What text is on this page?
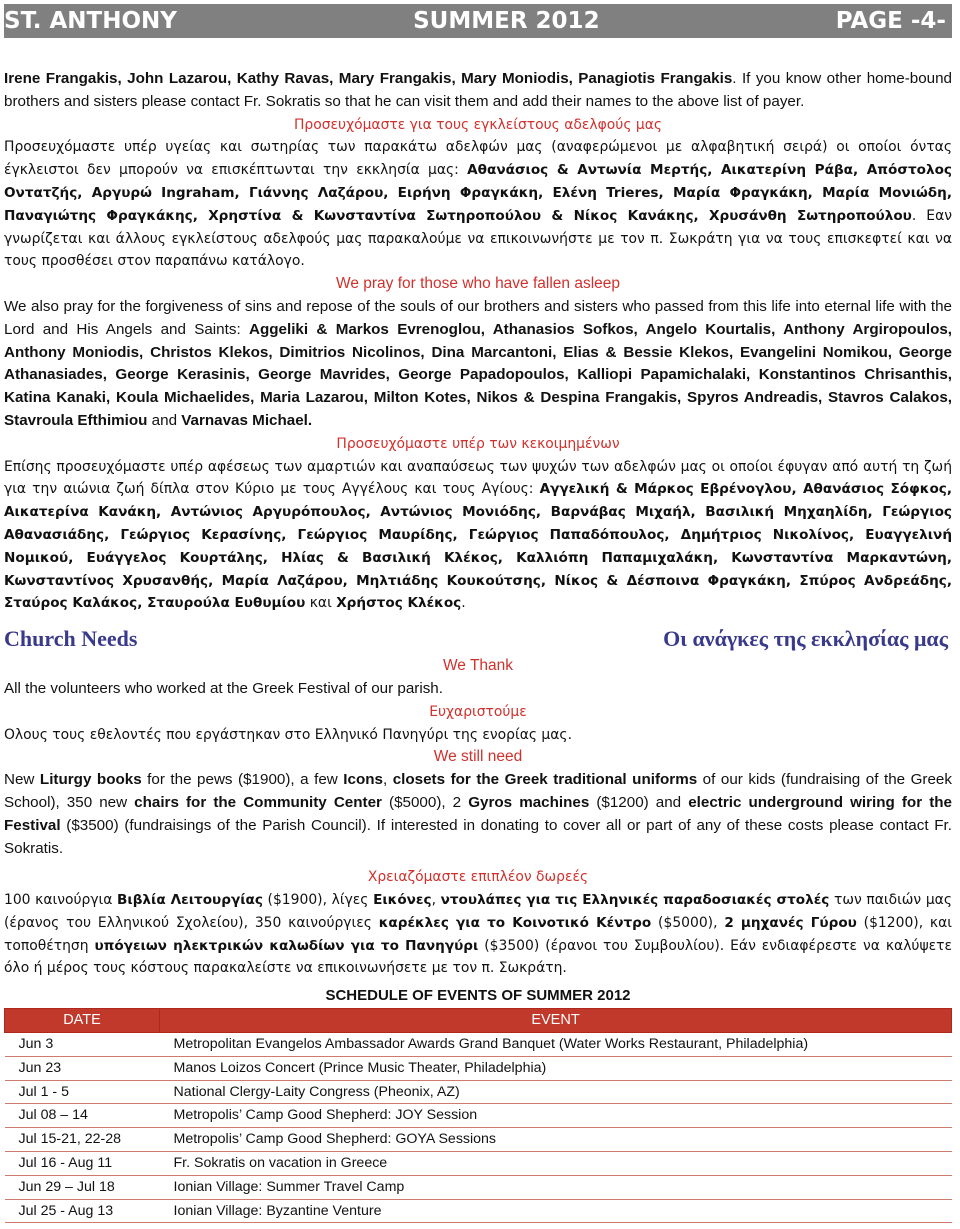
ST. ANTHONY	SUMMER 2012	PAGE -4-

Irene Frangakis, John Lazarou, Kathy Ravas, Mary Frangakis, Mary Moniodis, Panagiotis Frangakis. If you know other home-bound brothers and sisters please contact Fr. Sokratis so that he can visit them and add their names to the above list of payer.

Προσευχόμαστε για τους εγκλείστους αδελφούς μας

Προσευχόμαστε υπέρ υγείας και σωτηρίας των παρακάτω αδελφών μας (αναφερώμενοι με αλφαβητική σειρά) οι οποίοι όντας έγκλειστοι δεν μπορούν να επισκέπτωνται την εκκλησία μας: Αθανάσιος & Αντωνία Μερτής, Αικατερίνη Ράβα, Απόστολος Οντατζής, Αργυρώ Ingraham, Γιάννης Λαζάρου, Ειρήνη Φραγκάκη, Ελένη Trieres, Μαρία Φραγκάκη, Μαρία Μονιώδη, Παναγιώτης Φραγκάκης, Χρηστίνα & Κωνσταντίνα Σωτηροπούλου & Νίκος Κανάκης, Χρυσάνθη Σωτηροπούλου. Εαν γνωρίζεται και άλλους εγκλείστους αδελφούς μας παρακαλούμε να επικοινωνήστε με τον π. Σωκράτη για να τους επισκεφτεί και να τους προσθέσει στον παραπάνω κατάλογο.

We pray for those who have fallen asleep

We also pray for the forgiveness of sins and repose of the souls of our brothers and sisters who passed from this life into eternal life with the Lord and His Angels and Saints: Aggeliki & Markos Evrenoglou, Athanasios Sofkos, Angelo Kourtalis, Anthony Argiropoulos, Anthony Moniodis, Christos Klekos, Dimitrios Nicolinos, Dina Marcantoni, Elias & Bessie Klekos, Evangelini Nomikou, George Athanasiades, George Kerasinis, George Mavrides, George Papadopoulos, Kalliopi Papamichalaki, Konstantinos Chrisanthis, Katina Kanaki, Koula Michaelides, Maria Lazarou, Milton Kotes, Nikos & Despina Frangakis, Spyros Andreadis, Stavros Calakos, Stavroula Efthimiou and Varnavas Michael.

Προσευχόμαστε υπέρ των κεκοιμημένων

Επίσης προσευχόμαστε υπέρ αφέσεως των αμαρτιών και αναπαύσεως των ψυχών των αδελφών μας οι οποίοι έφυγαν από αυτή τη ζωή για την αιώνια ζωή δίπλα στον Κύριο με τους Αγγέλους και τους Αγίους: Αγγελική & Μάρκος Εβρένογλου, Αθανάσιος Σόφκος, Αικατερίνα Κανάκη, Αντώνιος Αργυρόπουλος, Αντώνιος Μονιόδης, Βαρνάβας Μιχαήλ, Βασιλική Μηχαηλίδη, Γεώργιος Αθανασιάδης, Γεώργιος Κερασίνης, Γεώργιος Μαυρίδης, Γεώργιος Παπαδόπουλος, Δημήτριος Νικολίνος, Ευαγγελινή Νομικού, Ευάγγελος Κουρτάλης, Ηλίας & Βασιλική Κλέκος, Καλλιόπη Παπαμιχαλάκη, Κωνσταντίνα Μαρκαντώνη, Κωνσταντίνος Χρυσανθής, Μαρία Λαζάρου, Μηλτιάδης Κουκούτσης, Νίκος & Δέσποινα Φραγκάκη, Σπύρος Ανδρεάδης, Σταύρος Καλάκος, Σταυρούλα Ευθυμίου και Χρήστος Κλέκος.

Church Needs	Οι ανάγκες της εκκλησίας μας

We Thank

All the volunteers who worked at the Greek Festival of our parish.

Ευχαριστούμε

Ολους τους εθελοντές που εργάστηκαν στο Ελληνικό Πανηγύρι της ενορίας μας.

We still need

New Liturgy books for the pews ($1900), a few Icons, closets for the Greek traditional uniforms of our kids (fundraising of the Greek School), 350 new chairs for the Community Center ($5000), 2 Gyros machines ($1200) and electric underground wiring for the Festival ($3500) (fundraisings of the Parish Council). If interested in donating to cover all or part of any of these costs please contact Fr. Sokratis.

Χρειαζόμαστε επιπλέον δωρεές

100 καινούργια Βιβλία Λειτουργίας ($1900), λίγες Εικόνες, ντουλάπες για τις Ελληνικές παραδοσιακές στολές των παιδιών μας (έρανος του Ελληνικού Σχολείου), 350 καινούργιες καρέκλες για το Κοινοτικό Κέντρο ($5000), 2 μηχανές Γύρου ($1200), και τοποθέτηση υπόγειων ηλεκτρικών καλωδίων για το Πανηγύρι ($3500) (έρανοι του Συμβουλίου). Εάν ενδιαφέρεστε να καλύψετε όλο ή μέρος τους κόστους παρακαλείστε να επικοινωνήσετε με τον π. Σωκράτη.

SCHEDULE OF EVENTS OF SUMMER 2012

DATE	EVENT
Jun 3	Metropolitan Evangelos Ambassador Awards Grand Banquet (Water Works Restaurant, Philadelphia)
Jun 23	Manos Loizos Concert (Prince Music Theater, Philadelphia)
Jul 1 - 5	National Clergy-Laity Congress (Pheonix, AZ)
Jul 08 – 14	Metropolis’ Camp Good Shepherd: JOY Session
Jul 15-21, 22-28	Metropolis’ Camp Good Shepherd: GOYA Sessions
Jul 16 - Aug 11	Fr. Sokratis on vacation in Greece
Jun 29 – Jul 18	Ionian Village: Summer Travel Camp
Jul 25 - Aug 13	Ionian Village: Byzantine Venture
